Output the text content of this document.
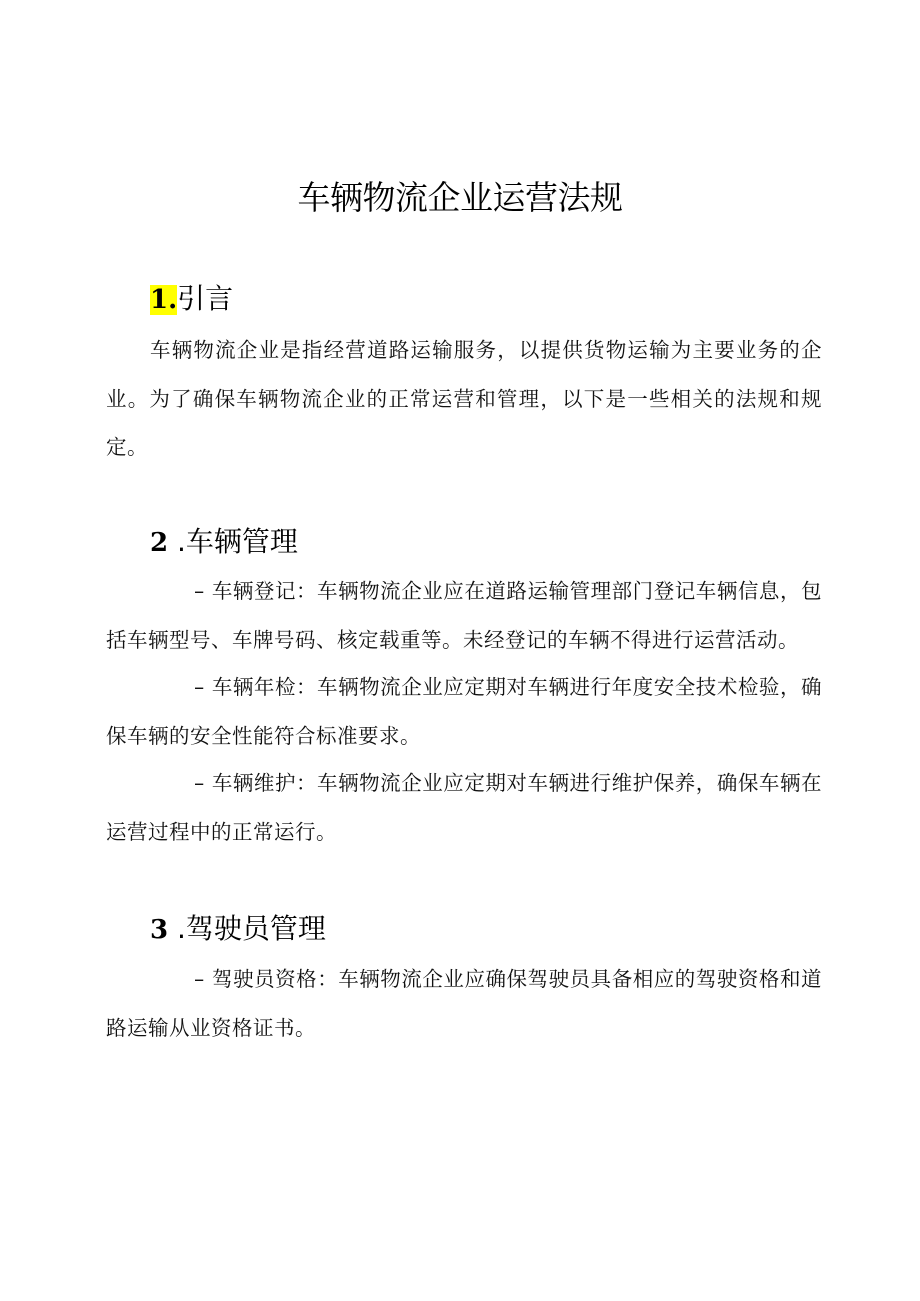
车辆物流企业运营法规
1.引言

车辆物流企业是指经营道路运输服务，以提供货物运输为主要业务的企业。为了确保车辆物流企业的正常运营和管理，以下是一些相关的法规和规定。

2 .车辆管理

– 车辆登记：车辆物流企业应在道路运输管理部门登记车辆信息，包括车辆型号、车牌号码、核定载重等。未经登记的车辆不得进行运营活动。

– 车辆年检：车辆物流企业应定期对车辆进行年度安全技术检验，确保车辆的安全性能符合标准要求。

– 车辆维护：车辆物流企业应定期对车辆进行维护保养，确保车辆在运营过程中的正常运行。

3 .驾驶员管理

– 驾驶员资格：车辆物流企业应确保驾驶员具备相应的驾驶资格和道路运输从业资格证书。
